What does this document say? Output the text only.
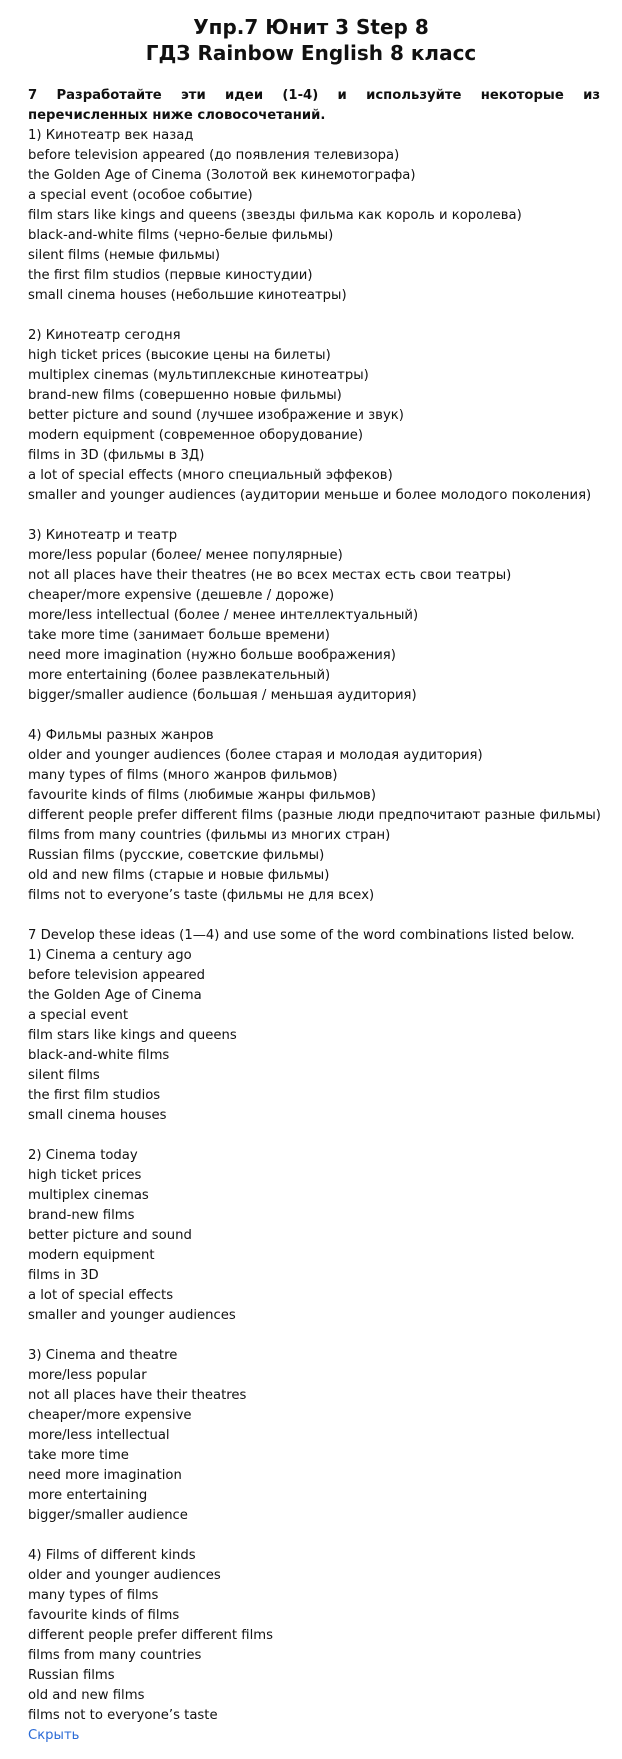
Упр.7 Юнит 3 Step 8
ГДЗ Rainbow English 8 класс
7 Разработайте эти идеи (1-4) и используйте некоторые из перечисленных ниже словосочетаний.
1) Кинотеатр век назад
before television appeared (до появления телевизора)
the Golden Age of Cinema (Золотой век кинемотографа)
a special event (особое событие)
film stars like kings and queens (звезды фильма как король и королева)
black-and-white films (черно-белые фильмы)
silent films (немые фильмы)
the first film studios (первые киностудии)
small cinema houses (небольшие кинотеатры)
2) Кинотеатр сегодня
high ticket prices (высокие цены на билеты)
multiplex cinemas (мультиплексные кинотеатры)
brand-new films (совершенно новые фильмы)
better picture and sound (лучшее изображение и звук)
modern equipment (современное оборудование)
films in 3D (фильмы в 3Д)
a lot of special effects (много специальный эффеков)
smaller and younger audiences (аудитории меньше и более молодого поколения)
3) Кинотеатр и театр
more/less popular (более/ менее популярные)
not all places have their theatres (не во всех местах есть свои театры)
cheaper/more expensive (дешевле / дороже)
more/less intellectual (более / менее интеллектуальный)
take more time (занимает больше времени)
need more imagination (нужно больше воображения)
more entertaining (более развлекательный)
bigger/smaller audience (большая / меньшая аудитория)
4) Фильмы разных жанров
older and younger audiences (более старая и молодая аудитория)
many types of films (много жанров фильмов)
favourite kinds of films (любимые жанры фильмов)
different people prefer different films (разные люди предпочитают разные фильмы)
films from many countries (фильмы из многих стран)
Russian films (русские, советские фильмы)
old and new films (старые и новые фильмы)
films not to everyone’s taste (фильмы не для всех)
7 Develop these ideas (1—4) and use some of the word combinations listed below.
1) Cinema a century ago
before television appeared
the Golden Age of Cinema
a special event
film stars like kings and queens
black-and-white films
silent films
the first film studios
small cinema houses
2) Cinema today
high ticket prices
multiplex cinemas
brand-new films
better picture and sound
modern equipment
films in 3D
a lot of special effects
smaller and younger audiences
3) Cinema and theatre
more/less popular
not all places have their theatres
cheaper/more expensive
more/less intellectual
take more time
need more imagination
more entertaining
bigger/smaller audience
4) Films of different kinds
older and younger audiences
many types of films
favourite kinds of films
different people prefer different films
films from many countries
Russian films
old and new films
films not to everyone’s taste
Скрыть
